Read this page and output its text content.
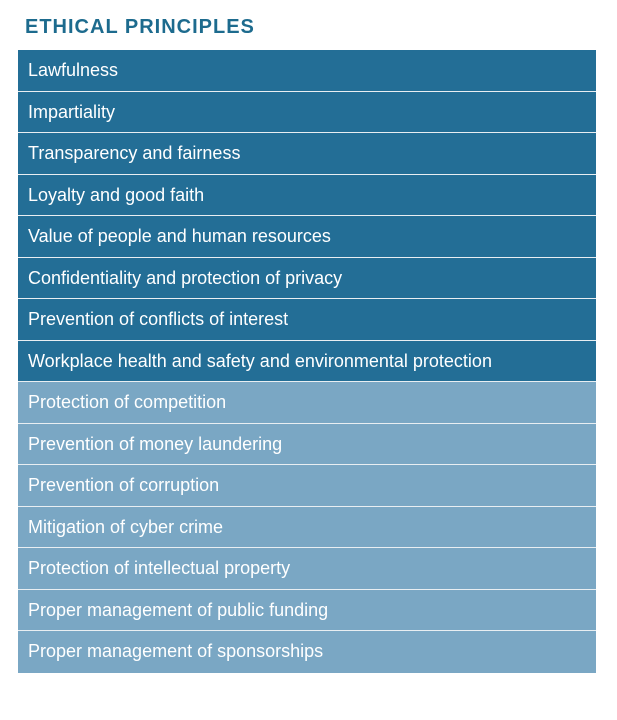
ETHICAL PRINCIPLES
Lawfulness
Impartiality
Transparency and fairness
Loyalty and good faith
Value of people and human resources
Confidentiality and protection of privacy
Prevention of conflicts of interest
Workplace health and safety and environmental protection
Protection of competition
Prevention of money laundering
Prevention of corruption
Mitigation of cyber crime
Protection of intellectual property
Proper management of public funding
Proper management of sponsorships
